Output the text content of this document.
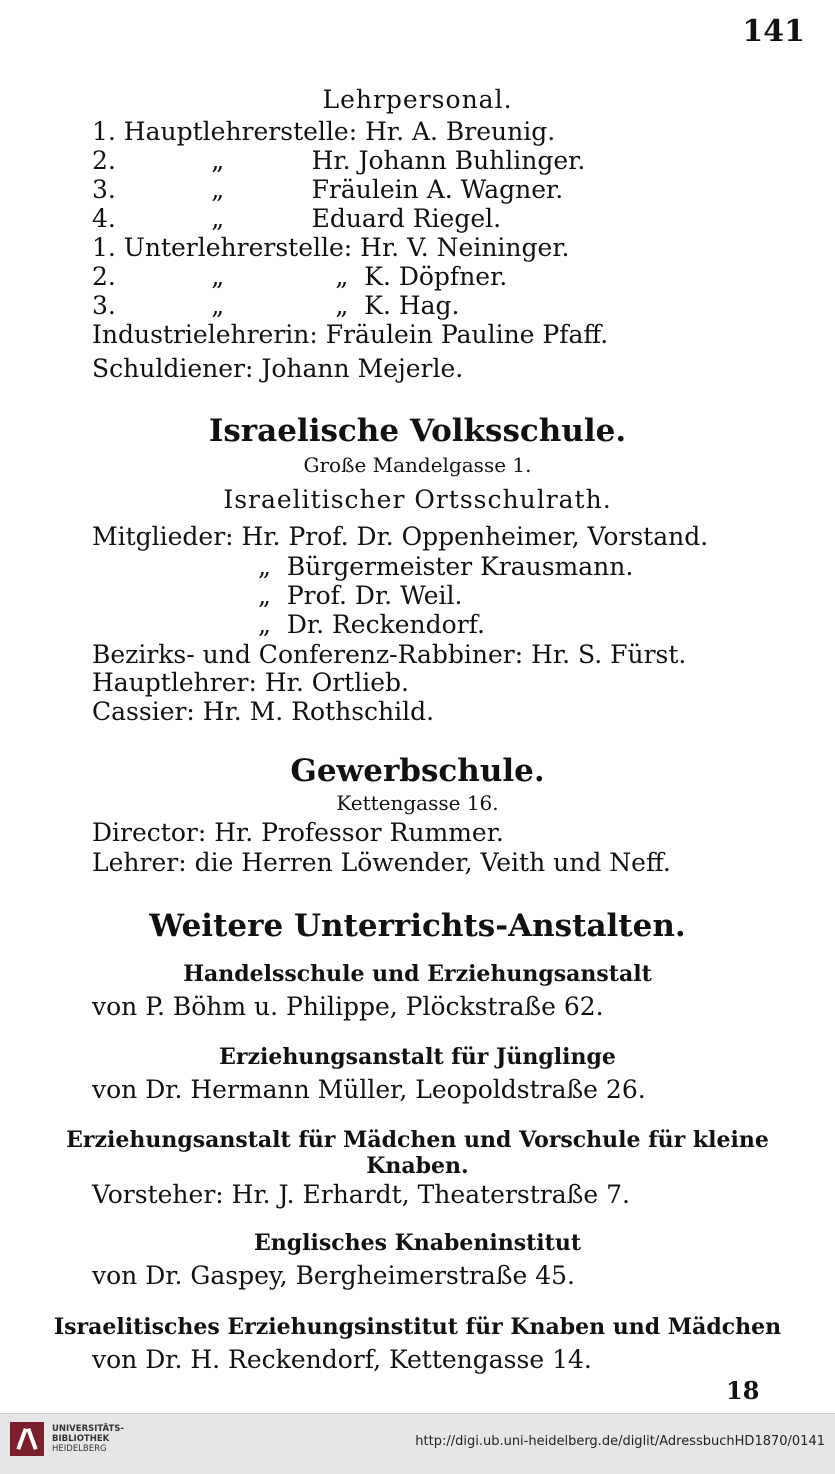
141
Lehrpersonal.
1. Hauptlehrerstelle: Hr. A. Breunig.
2.            „           Hr. Johann Buhlinger.
3.            „           Fräulein A. Wagner.
4.            „           Eduard Riegel.
1. Unterlehrerstelle: Hr. V. Neininger.
2.            „              „  K. Döpfner.
3.            „              „  K. Hag.
Industrielehrerin: Fräulein Pauline Pfaff.
Schuldiener: Johann Mejerle.
Israelische Volksschule.
Große Mandelgasse 1.
Israelitischer Ortsschulrath.
Mitglieder: Hr. Prof. Dr. Oppenheimer, Vorstand.
„  Bürgermeister Krausmann.
„  Prof. Dr. Weil.
„  Dr. Reckendorf.
Bezirks- und Conferenz-Rabbiner: Hr. S. Fürst.
Hauptlehrer: Hr. Ortlieb.
Cassier: Hr. M. Rothschild.
Gewerbschule.
Kettengasse 16.
Director: Hr. Professor Rummer.
Lehrer: die Herren Löwender, Veith und Neff.
Weitere Unterrichts-Anstalten.
Handelsschule und Erziehungsanstalt
von P. Böhm u. Philippe, Plöckstraße 62.
Erziehungsanstalt für Jünglinge
von Dr. Hermann Müller, Leopoldstraße 26.
Erziehungsanstalt für Mädchen und Vorschule für kleine
Knaben.
Vorsteher: Hr. J. Erhardt, Theaterstraße 7.
Englisches Knabeninstitut
von Dr. Gaspey, Bergheimerstraße 45.
Israelitisches Erziehungsinstitut für Knaben und Mädchen
von Dr. H. Reckendorf, Kettengasse 14.
18
UNIVERSITÄTS-
BIBLIOTHEK
HEIDELBERG	http://digi.ub.uni-heidelberg.de/diglit/AdressbuchHD1870/0141
